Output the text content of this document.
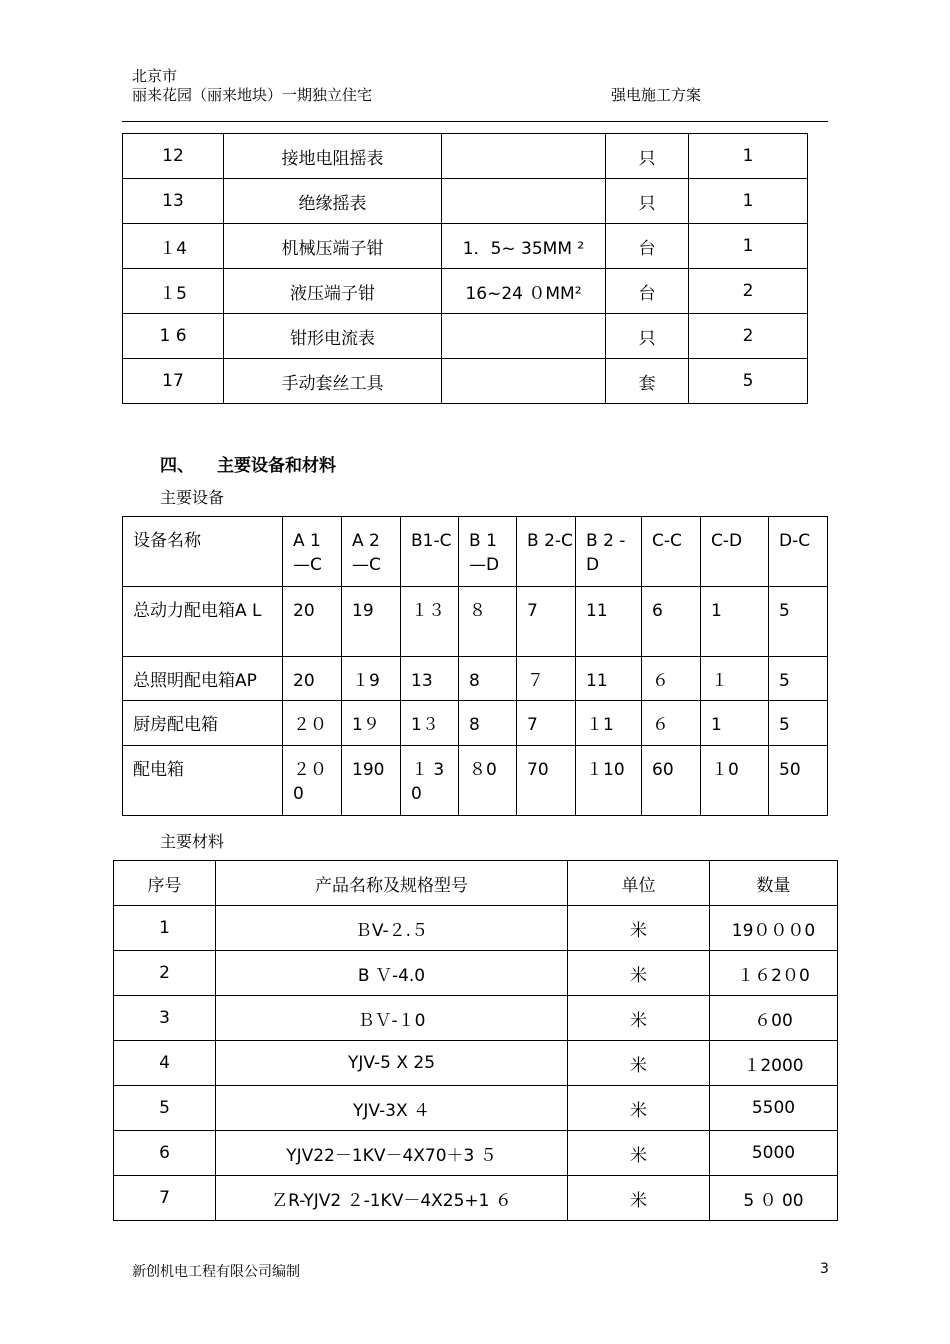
北京市
丽来花园（丽来地块）一期独立住宅	强电施工方案
12	接地电阻摇表		只	1
13	绝缘摇表		只	1
１4	机械压端子钳	1．5~ 35MM ²	台	1
１5	液压端子钳	16~24 ０MM²	台	2
1 6	钳形电流表		只	2
17	手动套丝工具		套	5
四、 主要设备和材料
主要设备
设备名称	A 1 —C	A 2 —C	B1-C	B 1 —D	B 2-C	B 2 - D	C-C	C-D	D-C
总动力配电箱A L	20	19	１３	８	7	11	6	1	5
总照明配电箱AP	20	１9	13	8	７	11	６	１	5
厨房配电箱	２０	1９	1３	8	7	１1	６	1	5
配电箱	２０ 0	190	１ 3 0	８0	70	１10	60	１0	50
主要材料
序号	产品名称及规格型号	单位	数量
1	ＢV-２.５	米	19０００0
2	B Ｖ-4.0	米	１６2０0
3	ＢＶ-１0	米	６00
4	YJV-5 X 25	米	１2000
5	YJV-3X ４	米	5500
6	YJV22－1KV－4X70＋3 ５	米	5000
7	ＺR-YJV2 ２-1KV－4X25+1 ６	米	5 ０ 00
新创机电工程有限公司编制	3
